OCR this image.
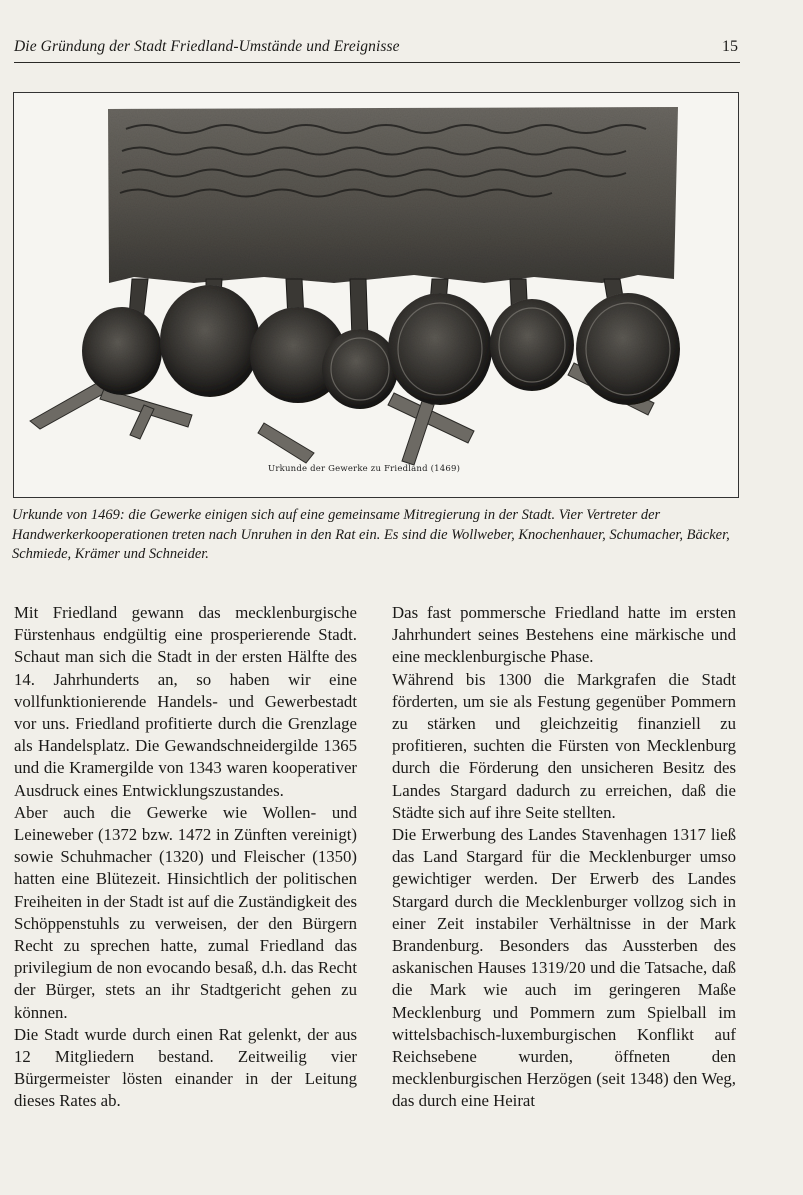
Die Gründung der Stadt Friedland-Umstände und Ereignisse	15
Urkunde der Gewerke zu Friedland (1469)
Urkunde von 1469: die Gewerke einigen sich auf eine gemeinsame Mitregierung in der Stadt. Vier Vertreter der Handwerkerkooperationen treten nach Unruhen in den Rat ein. Es sind die Wollweber, Knochenhauer, Schumacher, Bäcker, Schmiede, Krämer und Schneider.

Mit Friedland gewann das mecklenburgische Fürstenhaus endgültig eine prosperierende Stadt. Schaut man sich die Stadt in der ersten Hälfte des 14. Jahrhunderts an, so haben wir eine vollfunktionierende Handels- und Gewerbestadt vor uns. Friedland profitierte durch die Grenzlage als Handelsplatz. Die Gewandschneidergilde 1365 und die Kramergilde von 1343 waren kooperativer Ausdruck eines Entwicklungszustandes.

Aber auch die Gewerke wie Wollen- und Leineweber (1372 bzw. 1472 in Zünften vereinigt) sowie Schuhmacher (1320) und Fleischer (1350) hatten eine Blütezeit. Hinsichtlich der politischen Freiheiten in der Stadt ist auf die Zuständigkeit des Schöppenstuhls zu verweisen, der den Bürgern Recht zu sprechen hatte, zumal Friedland das privilegium de non evocando besaß, d.h. das Recht der Bürger, stets an ihr Stadtgericht gehen zu können.

Die Stadt wurde durch einen Rat gelenkt, der aus 12 Mitgliedern bestand. Zeitweilig vier Bürgermeister lösten einander in der Leitung dieses Rates ab.

Das fast pommersche Friedland hatte im ersten Jahrhundert seines Bestehens eine märkische und eine mecklenburgische Phase.

Während bis 1300 die Markgrafen die Stadt förderten, um sie als Festung gegenüber Pommern zu stärken und gleichzeitig finanziell zu profitieren, suchten die Fürsten von Mecklenburg durch die Förderung den unsicheren Besitz des Landes Stargard dadurch zu erreichen, daß die Städte sich auf ihre Seite stellten.

Die Erwerbung des Landes Stavenhagen 1317 ließ das Land Stargard für die Mecklenburger umso gewichtiger werden. Der Erwerb des Landes Stargard durch die Mecklenburger vollzog sich in einer Zeit instabiler Verhältnisse in der Mark Brandenburg. Besonders das Aussterben des askanischen Hauses 1319/20 und die Tatsache, daß die Mark wie auch im geringeren Maße Mecklenburg und Pommern zum Spielball im wittelsbachisch-luxemburgischen Konflikt auf Reichsebene wurden, öffneten den mecklenburgischen Herzögen (seit 1348) den Weg, das durch eine Heirat
